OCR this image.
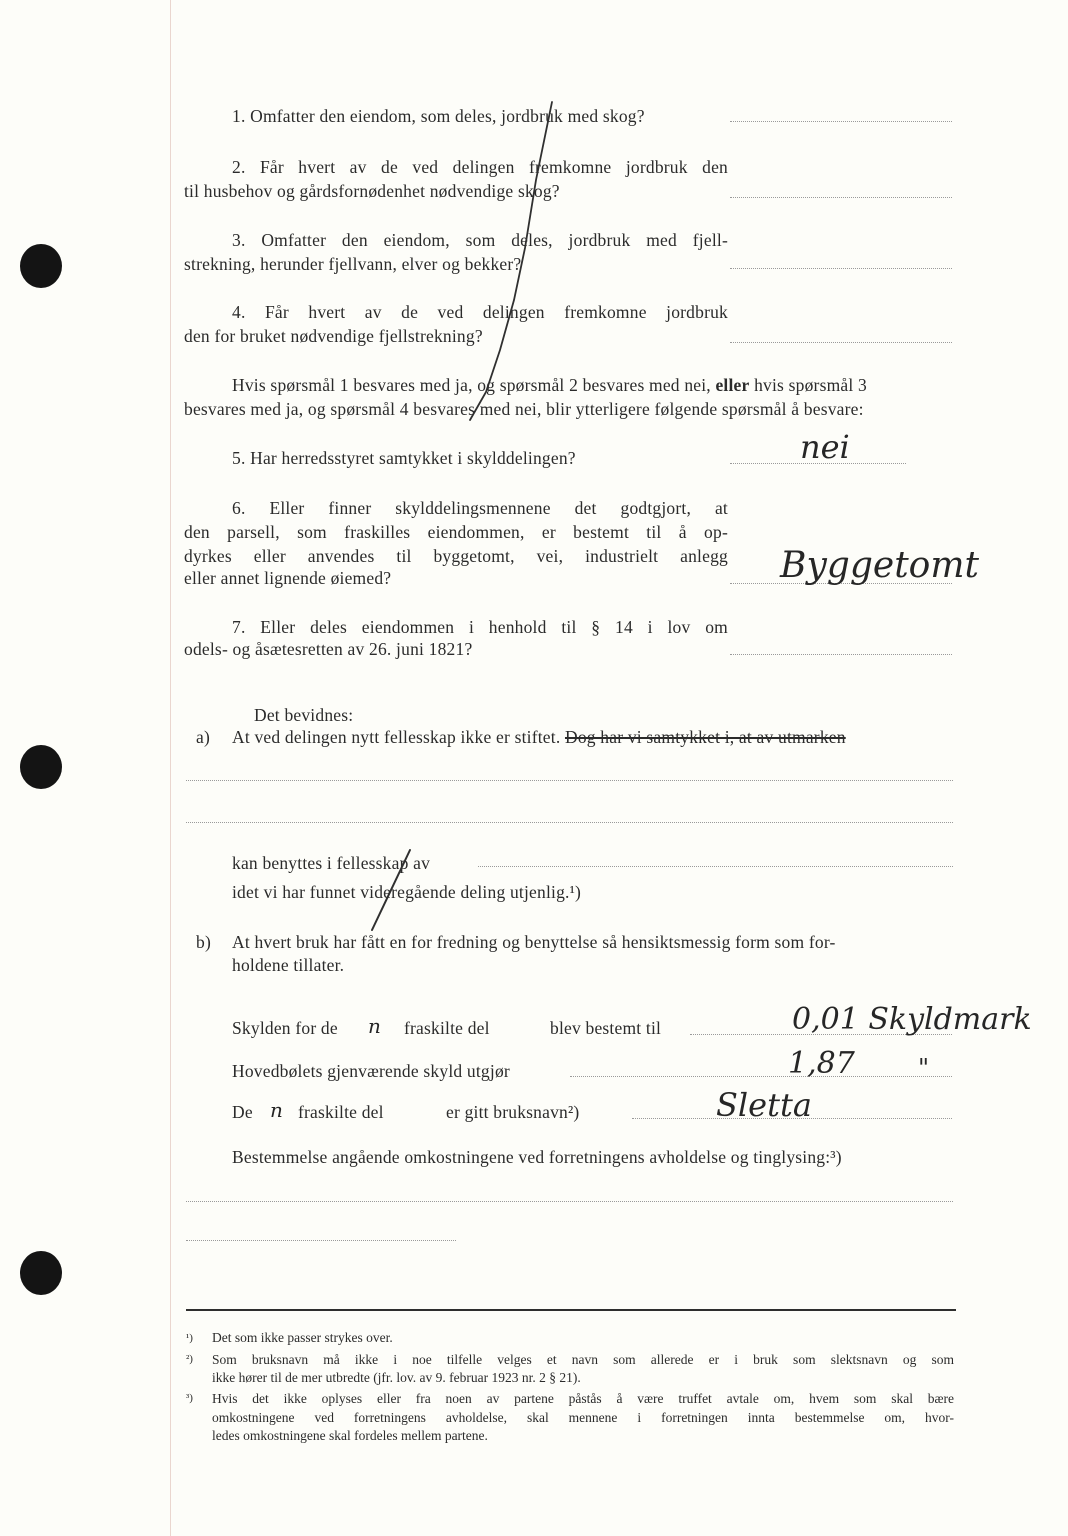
1. Omfatter den eiendom, som deles, jordbruk med skog?
2. Får hvert av de ved delingen fremkomne jordbruk den
til husbehov og gårdsfornødenhet nødvendige skog?
3. Omfatter den eiendom, som deles, jordbruk med fjell-
strekning, herunder fjellvann, elver og bekker?
4. Får hvert av de ved delingen fremkomne jordbruk
den for bruket nødvendige fjellstrekning?
Hvis spørsmål 1 besvares med ja, og spørsmål 2 besvares med nei, eller hvis spørsmål 3
besvares med ja, og spørsmål 4 besvares med nei, blir ytterligere følgende spørsmål å besvare:
5. Har herredsstyret samtykket i skylddelingen?	nei
6. Eller finner skylddelingsmennene det godtgjort, at
den parsell, som fraskilles eiendommen, er bestemt til å op-
dyrkes eller anvendes til byggetomt, vei, industrielt anlegg
eller annet lignende øiemed?	Byggetomt
7. Eller deles eiendommen i henhold til § 14 i lov om
odels- og åsætesretten av 26. juni 1821?
Det bevidnes:
a) At ved delingen nytt fellesskap ikke er stiftet. Dog har vi samtykket i, at av utmarken
kan benyttes i fellesskap av
idet vi har funnet videregående deling utjenlig.¹)
b) At hvert bruk har fått en for fredning og benyttelse så hensiktsmessig form som for-
holdene tillater.
Skylden for de n fraskilte del	blev bestemt til	0,01 Skyldmark
Hovedbølets gjenværende skyld utgjør	1,87	"
De n fraskilte del	er gitt bruksnavn²)	Sletta
Bestemmelse angående omkostningene ved forretningens avholdelse og tinglysing:³)
¹) Det som ikke passer strykes over.
²) Som bruksnavn må ikke i noe tilfelle velges et navn som allerede er i bruk som slektsnavn og som
ikke hører til de mer utbredte (jfr. lov. av 9. februar 1923 nr. 2 § 21).
³) Hvis det ikke oplyses eller fra noen av partene påstås å være truffet avtale om, hvem som skal bære
omkostningene ved forretningens avholdelse, skal mennene i forretningen innta bestemmelse om, hvor-
ledes omkostningene skal fordeles mellem partene.
